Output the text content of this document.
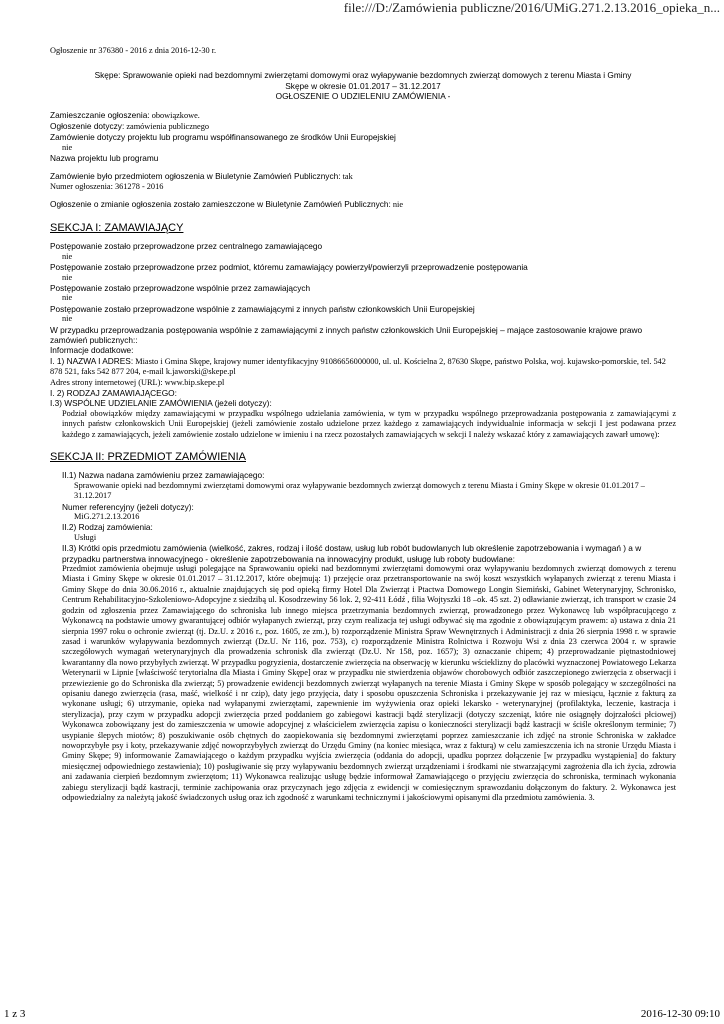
file:///D:/Zamówienia publiczne/2016/UMiG.271.2.13.2016_opieka_n...
Ogłoszenie nr 376380 - 2016 z dnia 2016-12-30 r.
Skępe: Sprawowanie opieki nad bezdomnymi zwierzętami domowymi oraz wyłapywanie bezdomnych zwierząt domowych z terenu Miasta i Gminy Skępe w okresie 01.01.2017 – 31.12.2017
OGŁOSZENIE O UDZIELENIU ZAMÓWIENIA -
Zamieszczanie ogłoszenia: obowiązkowe.
Ogłoszenie dotyczy: zamówienia publicznego
Zamówienie dotyczy projektu lub programu współfinansowanego ze środków Unii Europejskiej
nie
Nazwa projektu lub programu
Zamówienie było przedmiotem ogłoszenia w Biuletynie Zamówień Publicznych: tak
Numer ogłoszenia: 361278 - 2016
Ogłoszenie o zmianie ogłoszenia zostało zamieszczone w Biuletynie Zamówień Publicznych: nie
SEKCJA I: ZAMAWIAJĄCY
Postępowanie zostało przeprowadzone przez centralnego zamawiającego
nie
Postępowanie zostało przeprowadzone przez podmiot, któremu zamawiający powierzył/powierzyli przeprowadzenie postępowania
nie
Postępowanie zostało przeprowadzone wspólnie przez zamawiających
nie
Postępowanie zostało przeprowadzone wspólnie z zamawiającymi z innych państw członkowskich Unii Europejskiej
nie
W przypadku przeprowadzania postępowania wspólnie z zamawiającymi z innych państw członkowskich Unii Europejskiej – mające zastosowanie krajowe prawo zamówień publicznych::
Informacje dodatkowe:
I. 1) NAZWA I ADRES: Miasto i Gmina Skępe, krajowy numer identyfikacyjny 91086656000000, ul. ul. Kościelna 2, 87630 Skępe, państwo Polska, woj. kujawsko-pomorskie, tel. 542 878 521, faks 542 877 204, e-mail k.jaworski@skepe.pl
Adres strony internetowej (URL): www.bip.skepe.pl
I. 2) RODZAJ ZAMAWIAJĄCEGO:
I.3) WSPÓLNE UDZIELANIE ZAMÓWIENIA (jeżeli dotyczy):
Podział obowiązków między zamawiającymi w przypadku wspólnego udzielania zamówienia, w tym w przypadku wspólnego przeprowadzania postępowania z zamawiającymi z innych państw członkowskich Unii Europejskiej (jeżeli zamówienie zostało udzielone przez każdego z zamawiających indywidualnie informacja w sekcji I jest podawana przez każdego z zamawiających, jeżeli zamówienie zostało udzielone w imieniu i na rzecz pozostałych zamawiających w sekcji I należy wskazać który z zamawiających zawarł umowę):
SEKCJA II: PRZEDMIOT ZAMÓWIENIA
II.1) Nazwa nadana zamówieniu przez zamawiającego:
Sprawowanie opieki nad bezdomnymi zwierzętami domowymi oraz wyłapywanie bezdomnych zwierząt domowych z terenu Miasta i Gminy Skępe w okresie 01.01.2017 – 31.12.2017
Numer referencyjny (jeżeli dotyczy):
MiG.271.2.13.2016
II.2) Rodzaj zamówienia:
Usługi
II.3) Krótki opis przedmiotu zamówienia (wielkość, zakres, rodzaj i ilość dostaw, usług lub robót budowlanych lub określenie zapotrzebowania i wymagań ) a w przypadku partnerstwa innowacyjnego - określenie zapotrzebowania na innowacyjny produkt, usługę lub roboty budowlane:
Przedmiot zamówienia obejmuje usługi polegające na Sprawowaniu opieki nad bezdomnymi zwierzętami domowymi oraz wyłapywaniu bezdomnych zwierząt domowych z terenu Miasta i Gminy Skępe w okresie 01.01.2017 – 31.12.2017, które obejmują: 1) przejęcie oraz przetransportowanie na swój koszt wszystkich wyłapanych zwierząt z terenu Miasta i Gminy Skępe do dnia 30.06.2016 r., aktualnie znajdujących się pod opieką firmy Hotel Dla Zwierząt i Ptactwa Domowego Longin Siemiński, Gabinet Weterynaryjny, Schronisko, Centrum Rehabilitacyjno-Szkoleniowo-Adopcyjne z siedzibą ul. Kosodrzewiny 56 lok. 2, 92-411 Łódź , filia Wojtyszki 18 –ok. 45 szt. 2) odławianie zwierząt, ich transport w czasie 24 godzin od zgłoszenia przez Zamawiającego do schroniska lub innego miejsca przetrzymania bezdomnych zwierząt, prowadzonego przez Wykonawcę lub współpracującego z Wykonawcą na podstawie umowy gwarantującej odbiór wyłapanych zwierząt, przy czym realizacja tej usługi odbywać się ma zgodnie z obowiązującym prawem: a) ustawa z dnia 21 sierpnia 1997 roku o ochronie zwierząt (tj. Dz.U. z 2016 r., poz. 1605, ze zm.), b) rozporządzenie Ministra Spraw Wewnętrznych i Administracji z dnia 26 sierpnia 1998 r. w sprawie zasad i warunków wyłapywania bezdomnych zwierząt (Dz.U. Nr 116, poz. 753), c) rozporządzenie Ministra Rolnictwa i Rozwoju Wsi z dnia 23 czerwca 2004 r. w sprawie szczegółowych wymagań weterynaryjnych dla prowadzenia schronisk dla zwierząt (Dz.U. Nr 158, poz. 1657); 3) oznaczanie chipem; 4) przeprowadzanie piętnastodniowej kwarantanny dla nowo przybyłych zwierząt. W przypadku pogryzienia, dostarczenie zwierzęcia na obserwację w kierunku wścieklizny do placówki wyznaczonej Powiatowego Lekarza Weterynarii w Lipnie [właściwość terytorialna dla Miasta i Gminy Skępe] oraz w przypadku nie stwierdzenia objawów chorobowych odbiór zaszczepionego zwierzęcia z obserwacji i przewiezienie go do Schroniska dla zwierząt; 5) prowadzenie ewidencji bezdomnych zwierząt wyłapanych na terenie Miasta i Gminy Skępe w sposób polegający w szczególności na opisaniu danego zwierzęcia (rasa, maść, wielkość i nr czip), daty jego przyjęcia, daty i sposobu opuszczenia Schroniska i przekazywanie jej raz w miesiącu, łącznie z fakturą za wykonane usługi; 6) utrzymanie, opieka nad wyłapanymi zwierzętami, zapewnienie im wyżywienia oraz opieki lekarsko - weterynaryjnej (profilaktyka, leczenie, kastracja i sterylizacja), przy czym w przypadku adopcji zwierzęcia przed poddaniem go zabiegowi kastracji bądź sterylizacji (dotyczy szczeniąt, które nie osiągnęły dojrzałości płciowej) Wykonawca zobowiązany jest do zamieszczenia w umowie adopcyjnej z właścicielem zwierzęcia zapisu o konieczności sterylizacji bądź kastracji w ściśle określonym terminie; 7) usypianie ślepych miotów; 8) poszukiwanie osób chętnych do zaopiekowania się bezdomnymi zwierzętami poprzez zamieszczanie ich zdjęć na stronie Schroniska w zakładce nowoprzybyłe psy i koty, przekazywanie zdjęć nowoprzybyłych zwierząt do Urzędu Gminy (na koniec miesiąca, wraz z fakturą) w celu zamieszczenia ich na stronie Urzędu Miasta i Gminy Skępe; 9) informowanie Zamawiającego o każdym przypadku wyjścia zwierzęcia (oddania do adopcji, upadku poprzez dołączenie [w przypadku wystąpienia] do faktury miesięcznej odpowiedniego zestawienia); 10) posługiwanie się przy wyłapywaniu bezdomnych zwierząt urządzeniami i środkami nie stwarzającymi zagrożenia dla ich życia, zdrowia ani zadawania cierpień bezdomnym zwierzętom; 11) Wykonawca realizując usługę będzie informował Zamawiającego o przyjęciu zwierzęcia do schroniska, terminach wykonania zabiegu sterylizacji bądź kastracji, terminie zachipowania oraz przyczynach jego zdjęcia z ewidencji w comiesięcznym sprawozdaniu dołączonym do faktury. 2. Wykonawca jest odpowiedzialny za należytą jakość świadczonych usług oraz ich zgodność z warunkami technicznymi i jakościowymi opisanymi dla przedmiotu zamówienia. 3.
1 z 3	2016-12-30 09:10
